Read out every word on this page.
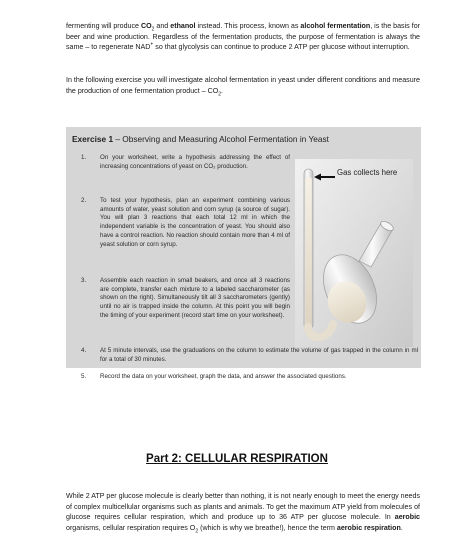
fermenting will produce $CO_2$ and ethanol instead. This process, known as alcohol fermentation, is the basis for beer and wine production. Regardless of the fermentation products, the purpose of fermentation is always the same – to regenerate NAD+ so that glycolysis can continue to produce 2 ATP per glucose without interruption.

In the following exercise you will investigate alcohol fermentation in yeast under different conditions and measure the production of one fermentation product – $CO_2$.

Exercise 1 – Observing and Measuring Alcohol Fermentation in Yeast
1. On your worksheet, write a hypothesis addressing the effect of increasing concentrations of yeast on CO₂ production.
2. To test your hypothesis, plan an experiment combining various amounts of water, yeast solution and corn syrup (a source of sugar). You will plan 3 reactions that each total 12 ml in which the independent variable is the concentration of yeast. You should also have a control reaction. No reaction should contain more than 4 ml of yeast solution or corn syrup.
3. Assemble each reaction in small beakers, and once all 3 reactions are complete, transfer each mixture to a labeled saccharometer (as shown on the right). Simultaneously tilt all 3 saccharometers (gently) until no air is trapped inside the column. At this point you will begin the timing of your experiment (record start time on your worksheet).
4. At 5 minute intervals, use the graduations on the column to estimate the volume of gas trapped in the column in ml for a total of 30 minutes.
5. Record the data on your worksheet, graph the data, and answer the associated questions.
Gas collects here
Part 2: CELLULAR RESPIRATION

While 2 ATP per glucose molecule is clearly better than nothing, it is not nearly enough to meet the energy needs of complex multicellular organisms such as plants and animals. To get the maximum ATP yield from molecules of glucose requires cellular respiration, which and produce up to 36 ATP per glucose molecule. In aerobic organisms, cellular respiration requires $O_2$ (which is why we breathe!), hence the term aerobic respiration.
